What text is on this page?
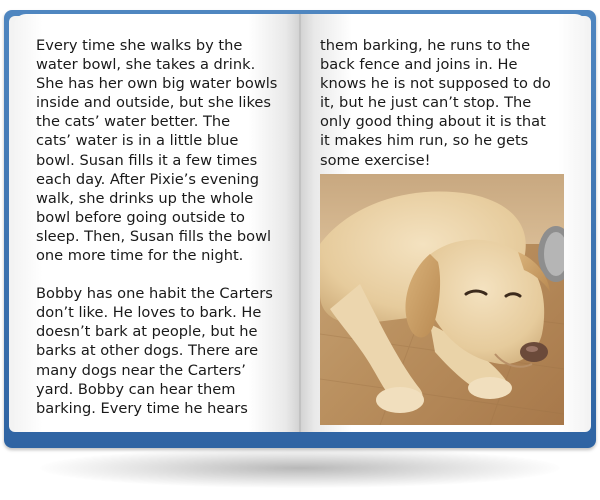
Every time she walks by the
water bowl, she takes a drink.
She has her own big water bowls
inside and outside, but she likes
the cats’ water better. The
cats’ water is in a little blue
bowl. Susan fills it a few times
each day. After Pixie’s evening
walk, she drinks up the whole
bowl before going outside to
sleep. Then, Susan fills the bowl
one more time for the night.

Bobby has one habit the Carters
don’t like. He loves to bark. He
doesn’t bark at people, but he
barks at other dogs. There are
many dogs near the Carters’
yard. Bobby can hear them
barking. Every time he hears

them barking, he runs to the
back fence and joins in. He
knows he is not supposed to do
it, but he just can’t stop. The
only good thing about it is that
it makes him run, so he gets
some exercise!
